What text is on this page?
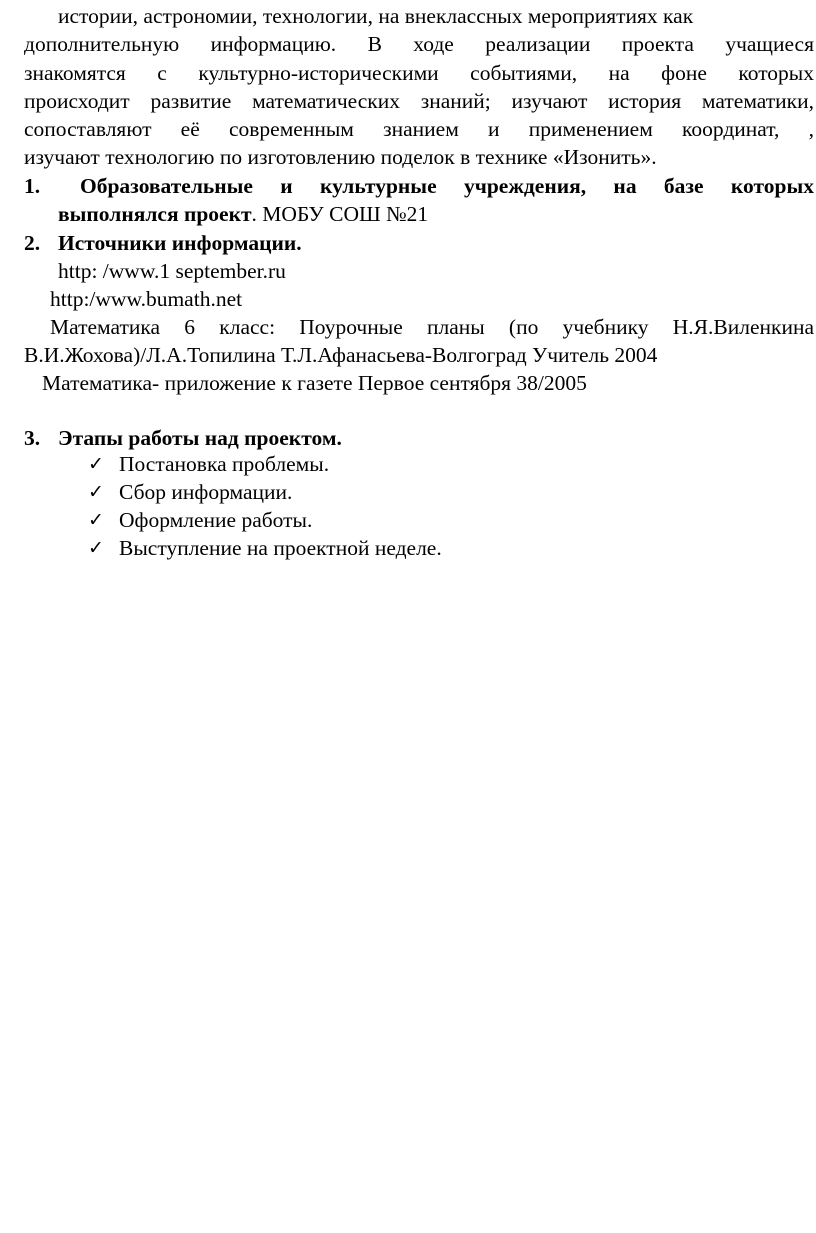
истории, астрономии, технологии, на внеклассных мероприятиях как
дополнительную информацию. В ходе реализации проекта учащиеся
знакомятся с культурно-историческими событиями, на фоне которых
происходит развитие математических знаний; изучают история математики,
сопоставляют её современным знанием и применением координат, ,
изучают технологию по изготовлению поделок в технике «Изонить».
1. Образовательные и культурные учреждения, на базе которых
выполнялся проект. МОБУ СОШ №21
2. Источники информации.
http: /www.1 september.ru
http:/www.bumath.net
Математика 6 класс: Поурочные планы (по учебнику Н.Я.Виленкина
В.И.Жохова)/Л.А.Топилина Т.Л.Афанасьева-Волгоград Учитель 2004
Математика- приложение к газете Первое сентября 38/2005
3. Этапы работы над проектом.
✓ Постановка проблемы.
✓ Сбор информации.
✓ Оформление работы.
✓ Выступление на проектной неделе.
